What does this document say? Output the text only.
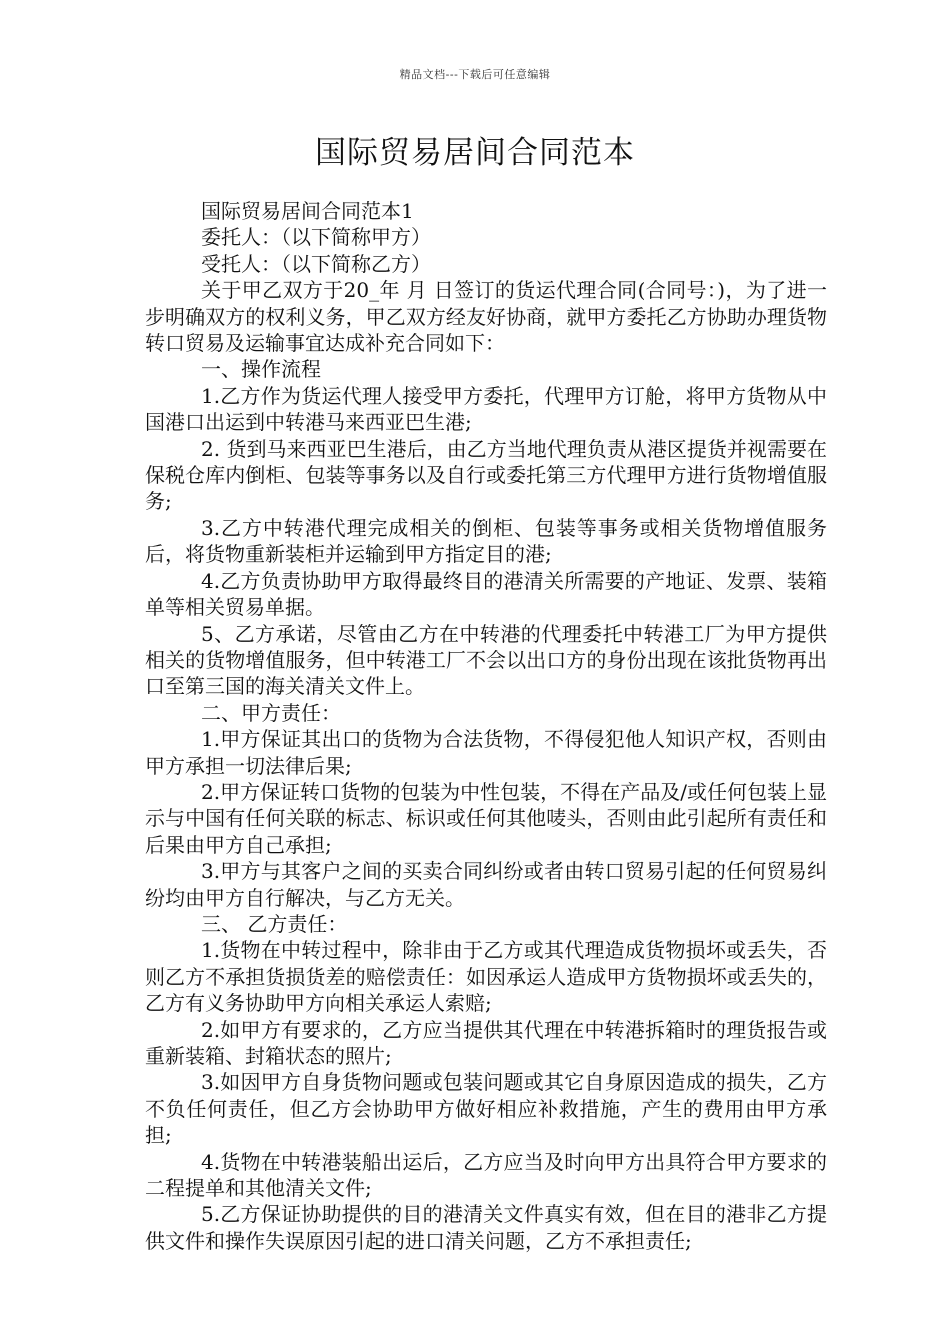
精品文档---下载后可任意编辑
国际贸易居间合同范本

国际贸易居间合同范本1

委托人：（以下简称甲方）

受托人：（以下简称乙方）

关于甲乙双方于20_年 月 日签订的货运代理合同(合同号：)，为了进一步明确双方的权利义务，甲乙双方经友好协商，就甲方委托乙方协助办理货物转口贸易及运输事宜达成补充合同如下：

一、操作流程

1.乙方作为货运代理人接受甲方委托，代理甲方订舱，将甲方货物从中国港口出运到中转港马来西亚巴生港;

2. 货到马来西亚巴生港后，由乙方当地代理负责从港区提货并视需要在保税仓库内倒柜、包装等事务以及自行或委托第三方代理甲方进行货物增值服务;

3.乙方中转港代理完成相关的倒柜、包装等事务或相关货物增值服务后，将货物重新装柜并运输到甲方指定目的港;

4.乙方负责协助甲方取得最终目的港清关所需要的产地证、发票、装箱单等相关贸易单据。

5、乙方承诺，尽管由乙方在中转港的代理委托中转港工厂为甲方提供相关的货物增值服务，但中转港工厂不会以出口方的身份出现在该批货物再出口至第三国的海关清关文件上。

二、甲方责任：

1.甲方保证其出口的货物为合法货物，不得侵犯他人知识产权，否则由甲方承担一切法律后果;

2.甲方保证转口货物的包装为中性包装，不得在产品及/或任何包装上显示与中国有任何关联的标志、标识或任何其他唛头，否则由此引起所有责任和后果由甲方自己承担;

3.甲方与其客户之间的买卖合同纠纷或者由转口贸易引起的任何贸易纠纷均由甲方自行解决，与乙方无关。

三、 乙方责任：

1.货物在中转过程中，除非由于乙方或其代理造成货物损坏或丢失，否则乙方不承担货损货差的赔偿责任：如因承运人造成甲方货物损坏或丢失的，乙方有义务协助甲方向相关承运人索赔;

2.如甲方有要求的，乙方应当提供其代理在中转港拆箱时的理货报告或重新装箱、封箱状态的照片;

3.如因甲方自身货物问题或包装问题或其它自身原因造成的损失，乙方不负任何责任，但乙方会协助甲方做好相应补救措施，产生的费用由甲方承担;

4.货物在中转港装船出运后，乙方应当及时向甲方出具符合甲方要求的二程提单和其他清关文件;

5.乙方保证协助提供的目的港清关文件真实有效，但在目的港非乙方提供文件和操作失误原因引起的进口清关问题，乙方不承担责任;
